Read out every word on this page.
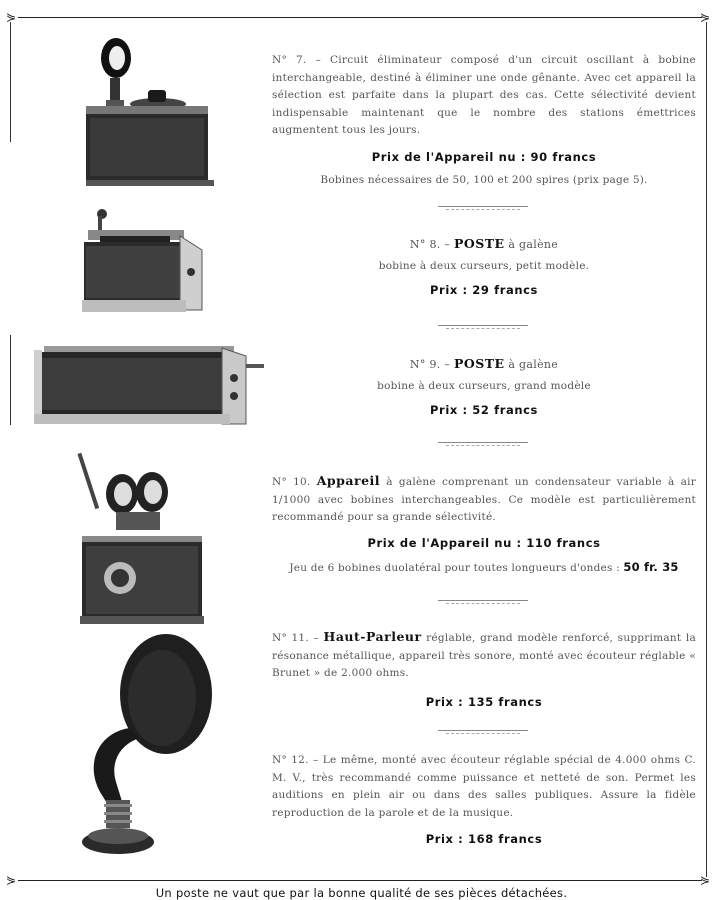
⋟	⋟
⋟	⋟
N° 7. – Circuit éliminateur composé d'un circuit oscillant à bobine interchangeable, destiné à éliminer une onde gênante. Avec cet appareil la sélection est parfaite dans la plupart des cas. Cette sélectivité devient indispensable maintenant que le nombre des stations émettrices augmentent tous les jours.
Prix de l'Appareil nu : 90 francs
Bobines nécessaires de 50, 100 et 200 spires (prix page 5).
N° 8. – POSTE à galène
bobine à deux curseurs, petit modèle.
Prix : 29 francs
N° 9. – POSTE à galène
bobine à deux curseurs, grand modèle
Prix : 52 francs
N° 10. Appareil à galène comprenant un condensateur variable à air 1/1000 avec bobines interchangeables. Ce modèle est particulièrement recommandé pour sa grande sélectivité.
Prix de l'Appareil nu : 110 francs
Jeu de 6 bobines duolatéral pour toutes longueurs d'ondes : 50 fr. 35
N° 11. – Haut-Parleur réglable, grand modèle renforcé, supprimant la résonance métallique, appareil très sonore, monté avec écouteur réglable « Brunet » de 2.000 ohms.
Prix : 135 francs
N° 12. – Le même, monté avec écouteur réglable spécial de 4.000 ohms C. M. V., très recommandé comme puissance et netteté de son. Permet les auditions en plein air ou dans des salles publiques. Assure la fidèle reproduction de la parole et de la musique.
Prix : 168 francs
Un poste ne vaut que par la bonne qualité de ses pièces détachées.
